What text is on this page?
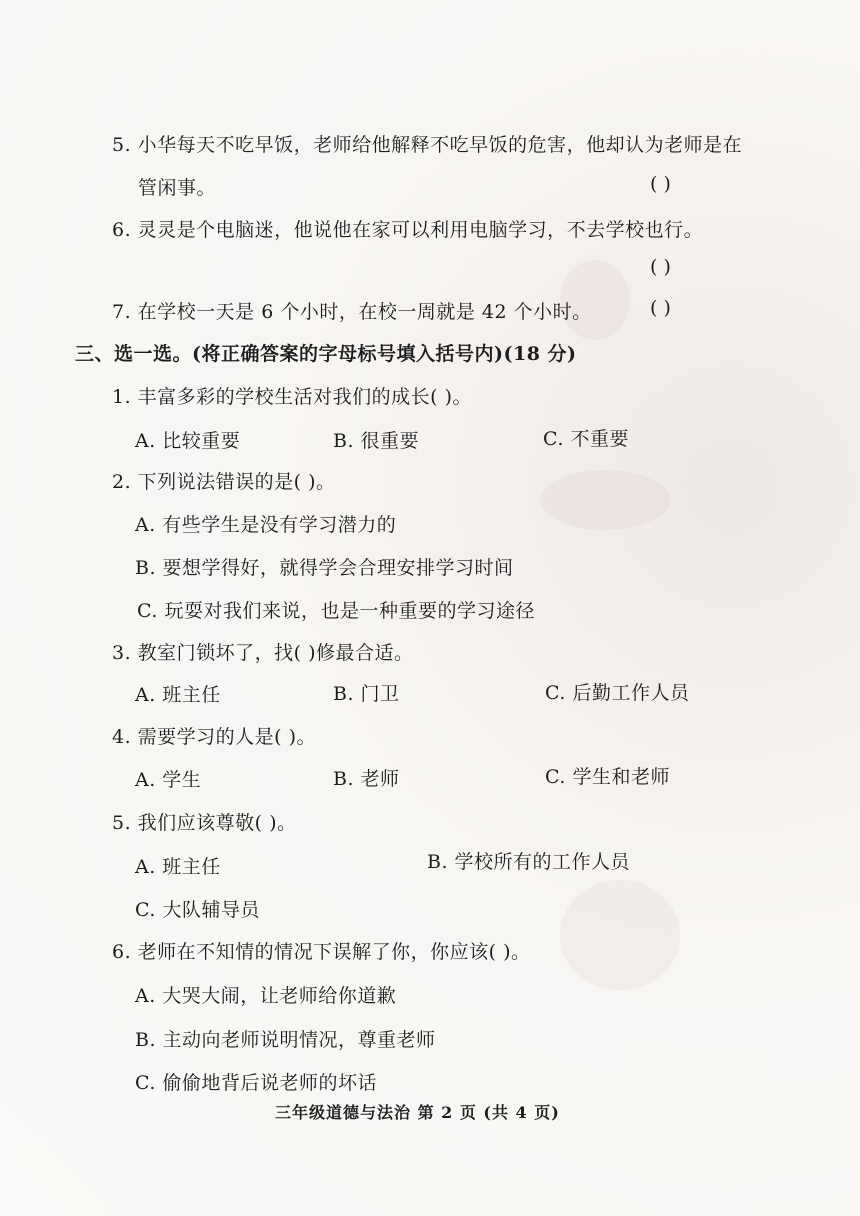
5. 小华每天不吃早饭，老师给他解释不吃早饭的危害，他却认为老师是在
管闲事。	( )
6. 灵灵是个电脑迷，他说他在家可以利用电脑学习，不去学校也行。
( )
7. 在学校一天是 6 个小时，在校一周就是 42 个小时。	( )
三、选一选。(将正确答案的字母标号填入括号内)(18 分)
1. 丰富多彩的学校生活对我们的成长( )。
A. 比较重要	B. 很重要	C. 不重要
2. 下列说法错误的是( )。
A. 有些学生是没有学习潜力的
B. 要想学得好，就得学会合理安排学习时间
C. 玩耍对我们来说，也是一种重要的学习途径
3. 教室门锁坏了，找( )修最合适。
A. 班主任	B. 门卫	C. 后勤工作人员
4. 需要学习的人是( )。
A. 学生	B. 老师	C. 学生和老师
5. 我们应该尊敬( )。
A. 班主任	B. 学校所有的工作人员
C. 大队辅导员
6. 老师在不知情的情况下误解了你，你应该( )。
A. 大哭大闹，让老师给你道歉
B. 主动向老师说明情况，尊重老师
C. 偷偷地背后说老师的坏话
三年级道德与法治 第 2 页 (共 4 页)
